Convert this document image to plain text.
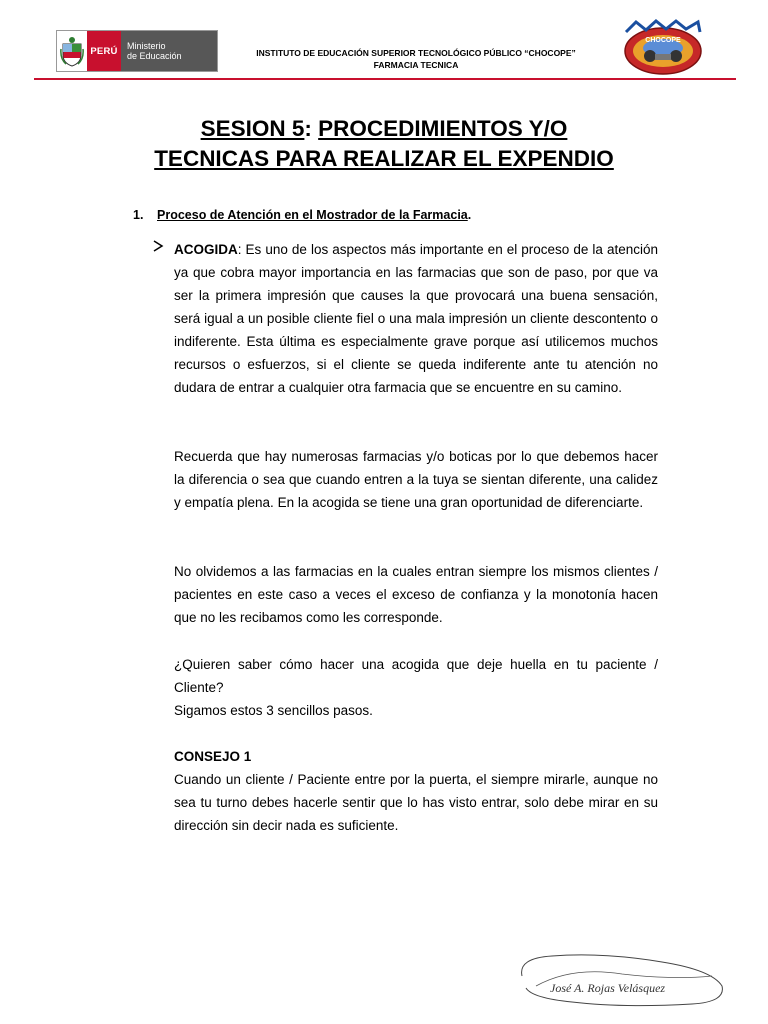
PERÚ	Ministerio
de Educación	INSTITUTO DE EDUCACIÓN SUPERIOR TECNOLÓGICO PÚBLICO “CHOCOPE”
FARMACIA TECNICA
CHOCOPE
SESION 5: PROCEDIMIENTOS Y/O
TECNICAS PARA REALIZAR EL EXPENDIO
1. Proceso de Atención en el Mostrador de la Farmacia.
ACOGIDA: Es uno de los aspectos más importante en el proceso de la atención ya que cobra mayor importancia en las farmacias que son de paso, por que va ser la primera impresión que causes la que provocará una buena sensación, será igual a un posible cliente fiel o una mala impresión un cliente descontento o indiferente. Esta última es especialmente grave porque así utilicemos muchos recursos o esfuerzos, si el cliente se queda indiferente ante tu atención no dudara de entrar a cualquier otra farmacia que se encuentre en su camino.
Recuerda que hay numerosas farmacias y/o boticas por lo que debemos hacer la diferencia o sea que cuando entren a la tuya se sientan diferente, una calidez y empatía plena. En la acogida se tiene una gran oportunidad de diferenciarte.
No olvidemos a las farmacias en la cuales entran siempre los mismos clientes / pacientes en este caso a veces el exceso de confianza y la monotonía hacen que no les recibamos como les corresponde.
¿Quieren saber cómo hacer una acogida que deje huella en tu paciente / Cliente?
Sigamos estos 3 sencillos pasos.
CONSEJO 1
Cuando un cliente / Paciente entre por la puerta, el siempre mirarle, aunque no sea tu turno debes hacerle sentir que lo has visto entrar, solo debe mirar en su dirección sin decir nada es suficiente.
José A. Rojas Velásquez
